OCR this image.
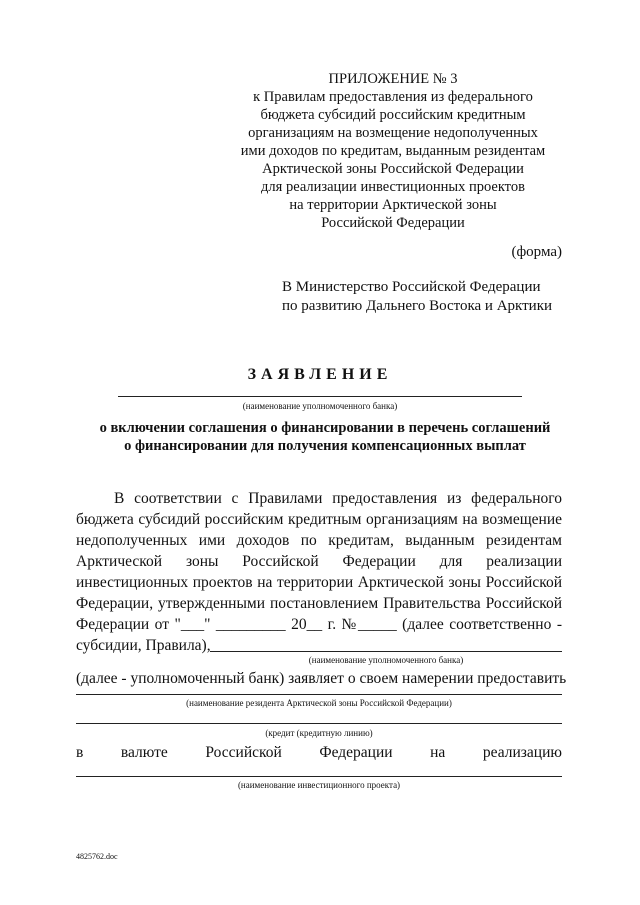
ПРИЛОЖЕНИЕ № 3
к Правилам предоставления из федерального
бюджета субсидий российским кредитным
организациям на возмещение недополученных
ими доходов по кредитам, выданным резидентам
Арктической зоны Российской Федерации
для реализации инвестиционных проектов
на территории Арктической зоны
Российской Федерации
(форма)
В Министерство Российской Федерации
по развитию Дальнего Востока и Арктики
ЗАЯВЛЕНИЕ
(наименование уполномоченного банка)
о включении соглашения о финансировании в перечень соглашений
о финансировании для получения компенсационных выплат
В соответствии с Правилами предоставления из федерального
бюджета субсидий российским кредитным организациям на возмещение
недополученных ими доходов по кредитам, выданным резидентам
Арктической зоны Российской Федерации для реализации
инвестиционных проектов на территории Арктической зоны Российской
Федерации, утвержденными постановлением Правительства Российской
Федерации от "___" _________ 20__ г. №_____ (далее соответственно -
субсидии, Правила),
(наименование уполномоченного банка)
(далее - уполномоченный банк) заявляет о своем намерении предоставить
(наименование резидента Арктической зоны Российской Федерации)
(кредит (кредитную линию)
в валюте Российской Федерации на реализацию
(наименование инвестиционного проекта)
4825762.doc
